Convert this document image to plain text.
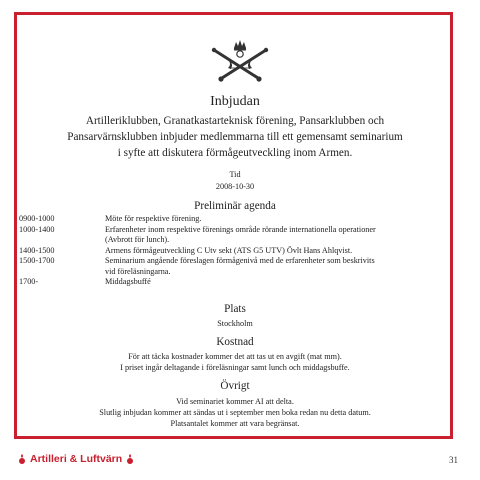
Inbjudan
Artilleriklubben, Granatkastarteknisk förening, Pansarklubben och
Pansarvärnsklubben inbjuder medlemmarna till ett gemensamt seminarium
i syfte att diskutera förmågeutveckling inom Armen.
Tid
2008-10-30
Preliminär agenda
0900-1000	Möte för respektive förening.
1000-1400	Erfarenheter inom respektive förenings område rörande internationella operationer
(Avbrott för lunch).
1400-1500	Armens förmågeutveckling C Utv sekt (ATS G5 UTV) Övlt Hans Ahlqvist.
1500-1700	Seminarium angående föreslagen förmågenivå med de erfarenheter som beskrivits
vid föreläsningarna.
1700-	Middagsbuffé
Plats
Stockholm
Kostnad
För att täcka kostnader kommer det att tas ut en avgift (mat mm).
I priset ingår deltagande i föreläsningar samt lunch och middagsbuffe.
Övrigt
Vid seminariet kommer AI att delta.
Slutlig inbjudan kommer att sändas ut i september men boka redan nu detta datum.
Platsantalet kommer att vara begränsat.
Artilleri & Luftvärn	31
